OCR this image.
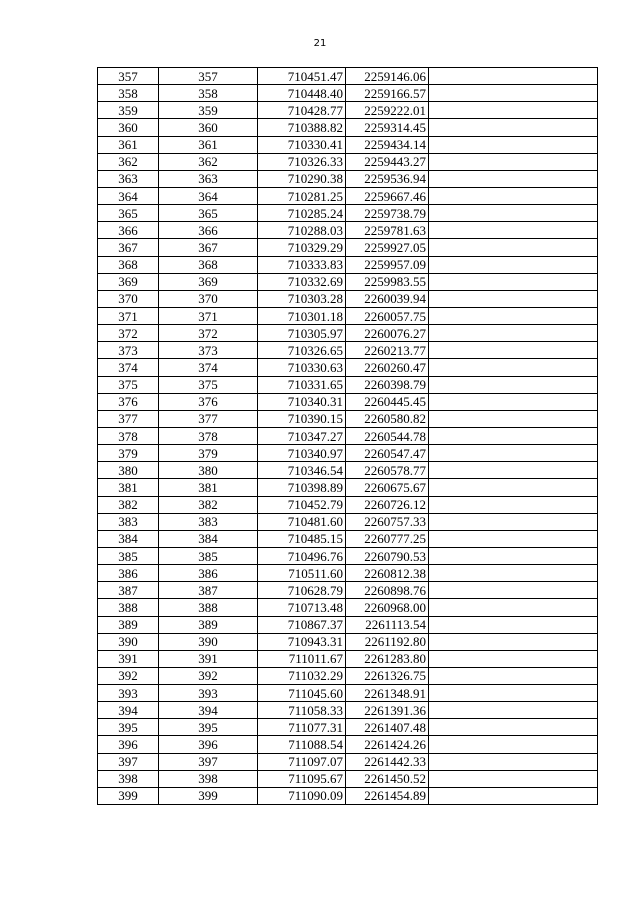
21
357	357	710451.47	2259146.06	
358	358	710448.40	2259166.57	
359	359	710428.77	2259222.01	
360	360	710388.82	2259314.45	
361	361	710330.41	2259434.14	
362	362	710326.33	2259443.27	
363	363	710290.38	2259536.94	
364	364	710281.25	2259667.46	
365	365	710285.24	2259738.79	
366	366	710288.03	2259781.63	
367	367	710329.29	2259927.05	
368	368	710333.83	2259957.09	
369	369	710332.69	2259983.55	
370	370	710303.28	2260039.94	
371	371	710301.18	2260057.75	
372	372	710305.97	2260076.27	
373	373	710326.65	2260213.77	
374	374	710330.63	2260260.47	
375	375	710331.65	2260398.79	
376	376	710340.31	2260445.45	
377	377	710390.15	2260580.82	
378	378	710347.27	2260544.78	
379	379	710340.97	2260547.47	
380	380	710346.54	2260578.77	
381	381	710398.89	2260675.67	
382	382	710452.79	2260726.12	
383	383	710481.60	2260757.33	
384	384	710485.15	2260777.25	
385	385	710496.76	2260790.53	
386	386	710511.60	2260812.38	
387	387	710628.79	2260898.76	
388	388	710713.48	2260968.00	
389	389	710867.37	2261113.54	
390	390	710943.31	2261192.80	
391	391	711011.67	2261283.80	
392	392	711032.29	2261326.75	
393	393	711045.60	2261348.91	
394	394	711058.33	2261391.36	
395	395	711077.31	2261407.48	
396	396	711088.54	2261424.26	
397	397	711097.07	2261442.33	
398	398	711095.67	2261450.52	
399	399	711090.09	2261454.89	
